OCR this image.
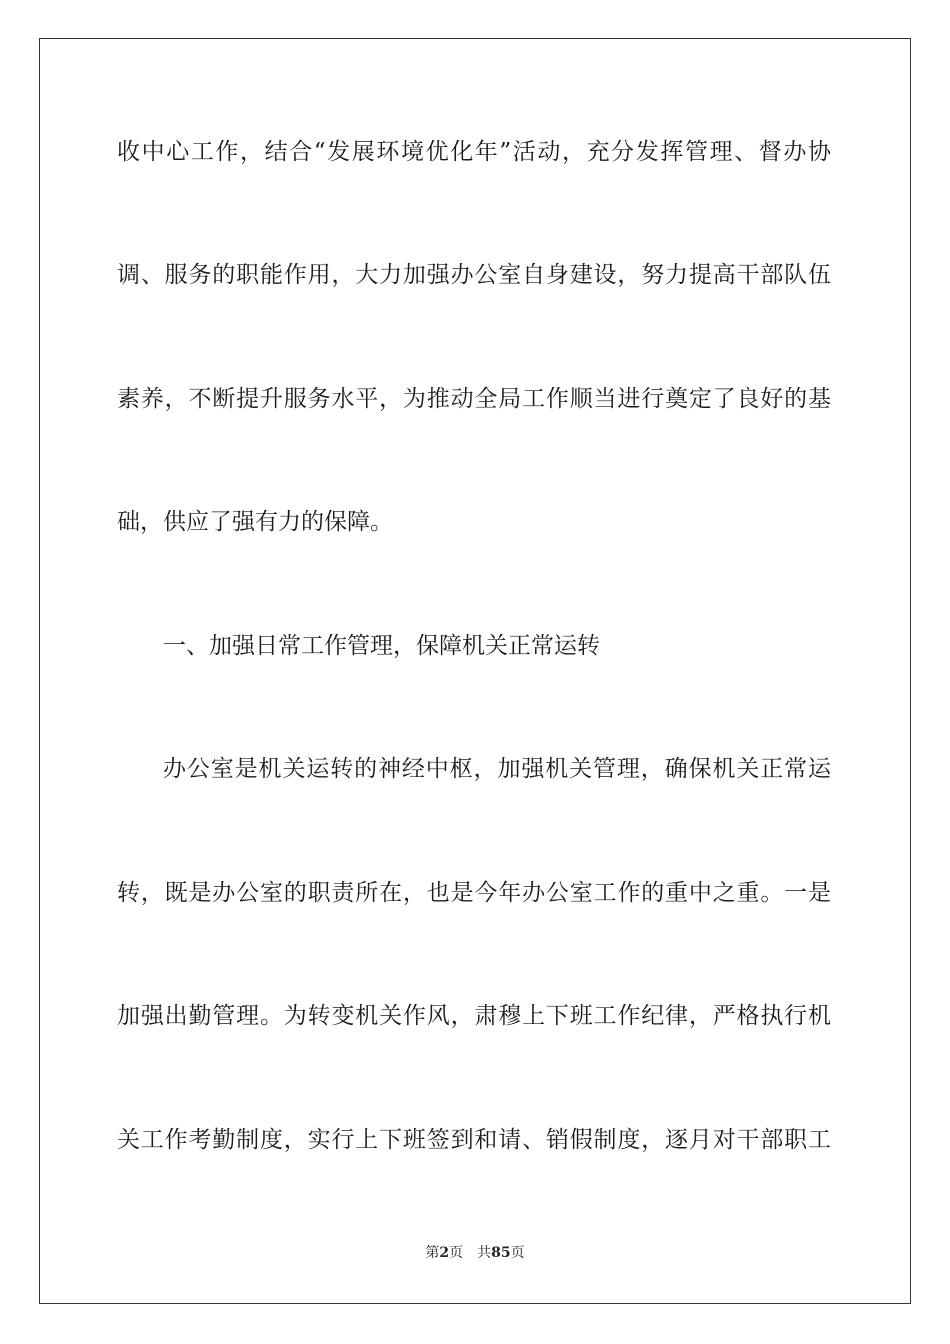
收中心工作，结合“发展环境优化年”活动，充分发挥管理、督办协
调、服务的职能作用，大力加强办公室自身建设，努力提高干部队伍
素养，不断提升服务水平，为推动全局工作顺当进行奠定了良好的基
础，供应了强有力的保障。
一、加强日常工作管理，保障机关正常运转
办公室是机关运转的神经中枢，加强机关管理，确保机关正常运
转，既是办公室的职责所在，也是今年办公室工作的重中之重。一是
加强出勤管理。为转变机关作风，肃穆上下班工作纪律，严格执行机
关工作考勤制度，实行上下班签到和请、销假制度，逐月对干部职工
第2页 共85页
